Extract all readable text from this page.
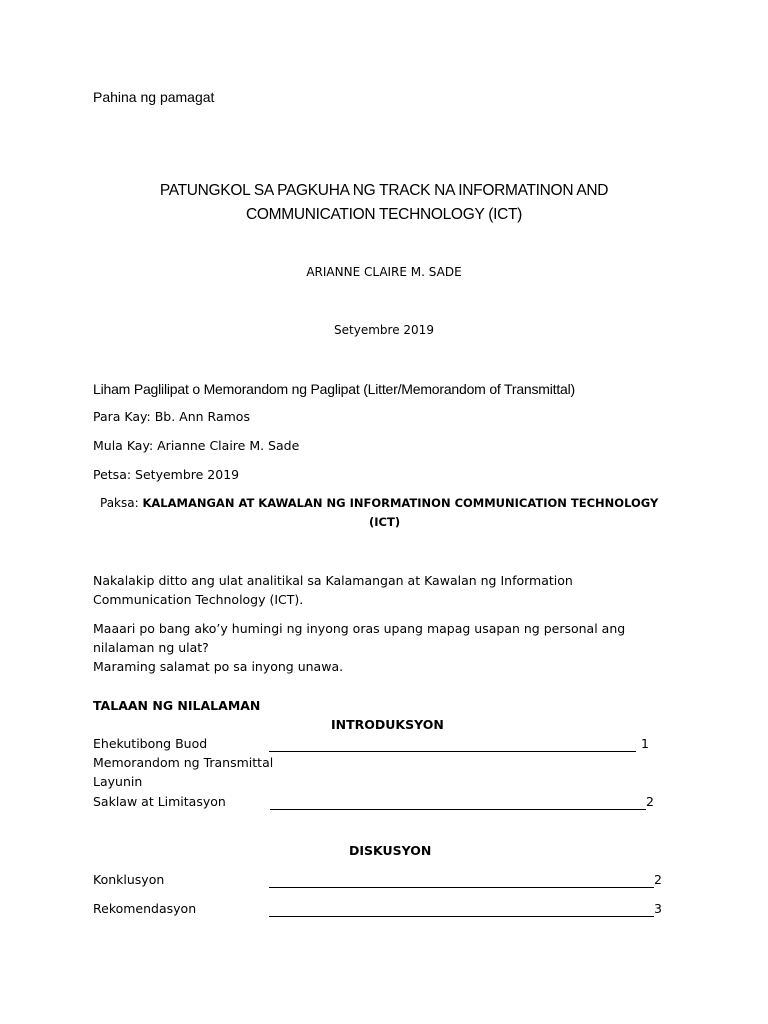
Pahina ng pamagat

PATUNGKOL SA PAGKUHA NG TRACK NA INFORMATINON AND

COMMUNICATION TECHNOLOGY (ICT)

ARIANNE CLAIRE M. SADE

Setyembre 2019

Liham Paglilipat o Memorandom ng Paglipat (Litter/Memorandom of Transmittal)

Para Kay: Bb. Ann Ramos

Mula Kay: Arianne Claire M. Sade

Petsa: Setyembre 2019

Paksa: KALAMANGAN AT KAWALAN NG INFORMATINON COMMUNICATION TECHNOLOGY

(ICT)

Nakalakip ditto ang ulat analitikal sa Kalamangan at Kawalan ng Information

Communication Technology (ICT).

Maaari po bang ako’y humingi ng inyong oras upang mapag usapan ng personal ang

nilalaman ng ulat?

Maraming salamat po sa inyong unawa.

TALAAN NG NILALAMAN

INTRODUKSYON

Ehekutibong Buod	1

Memorandom ng Transmittal

Layunin

Saklaw at Limitasyon	2

DISKUSYON

Konklusyon	2

Rekomendasyon	3
